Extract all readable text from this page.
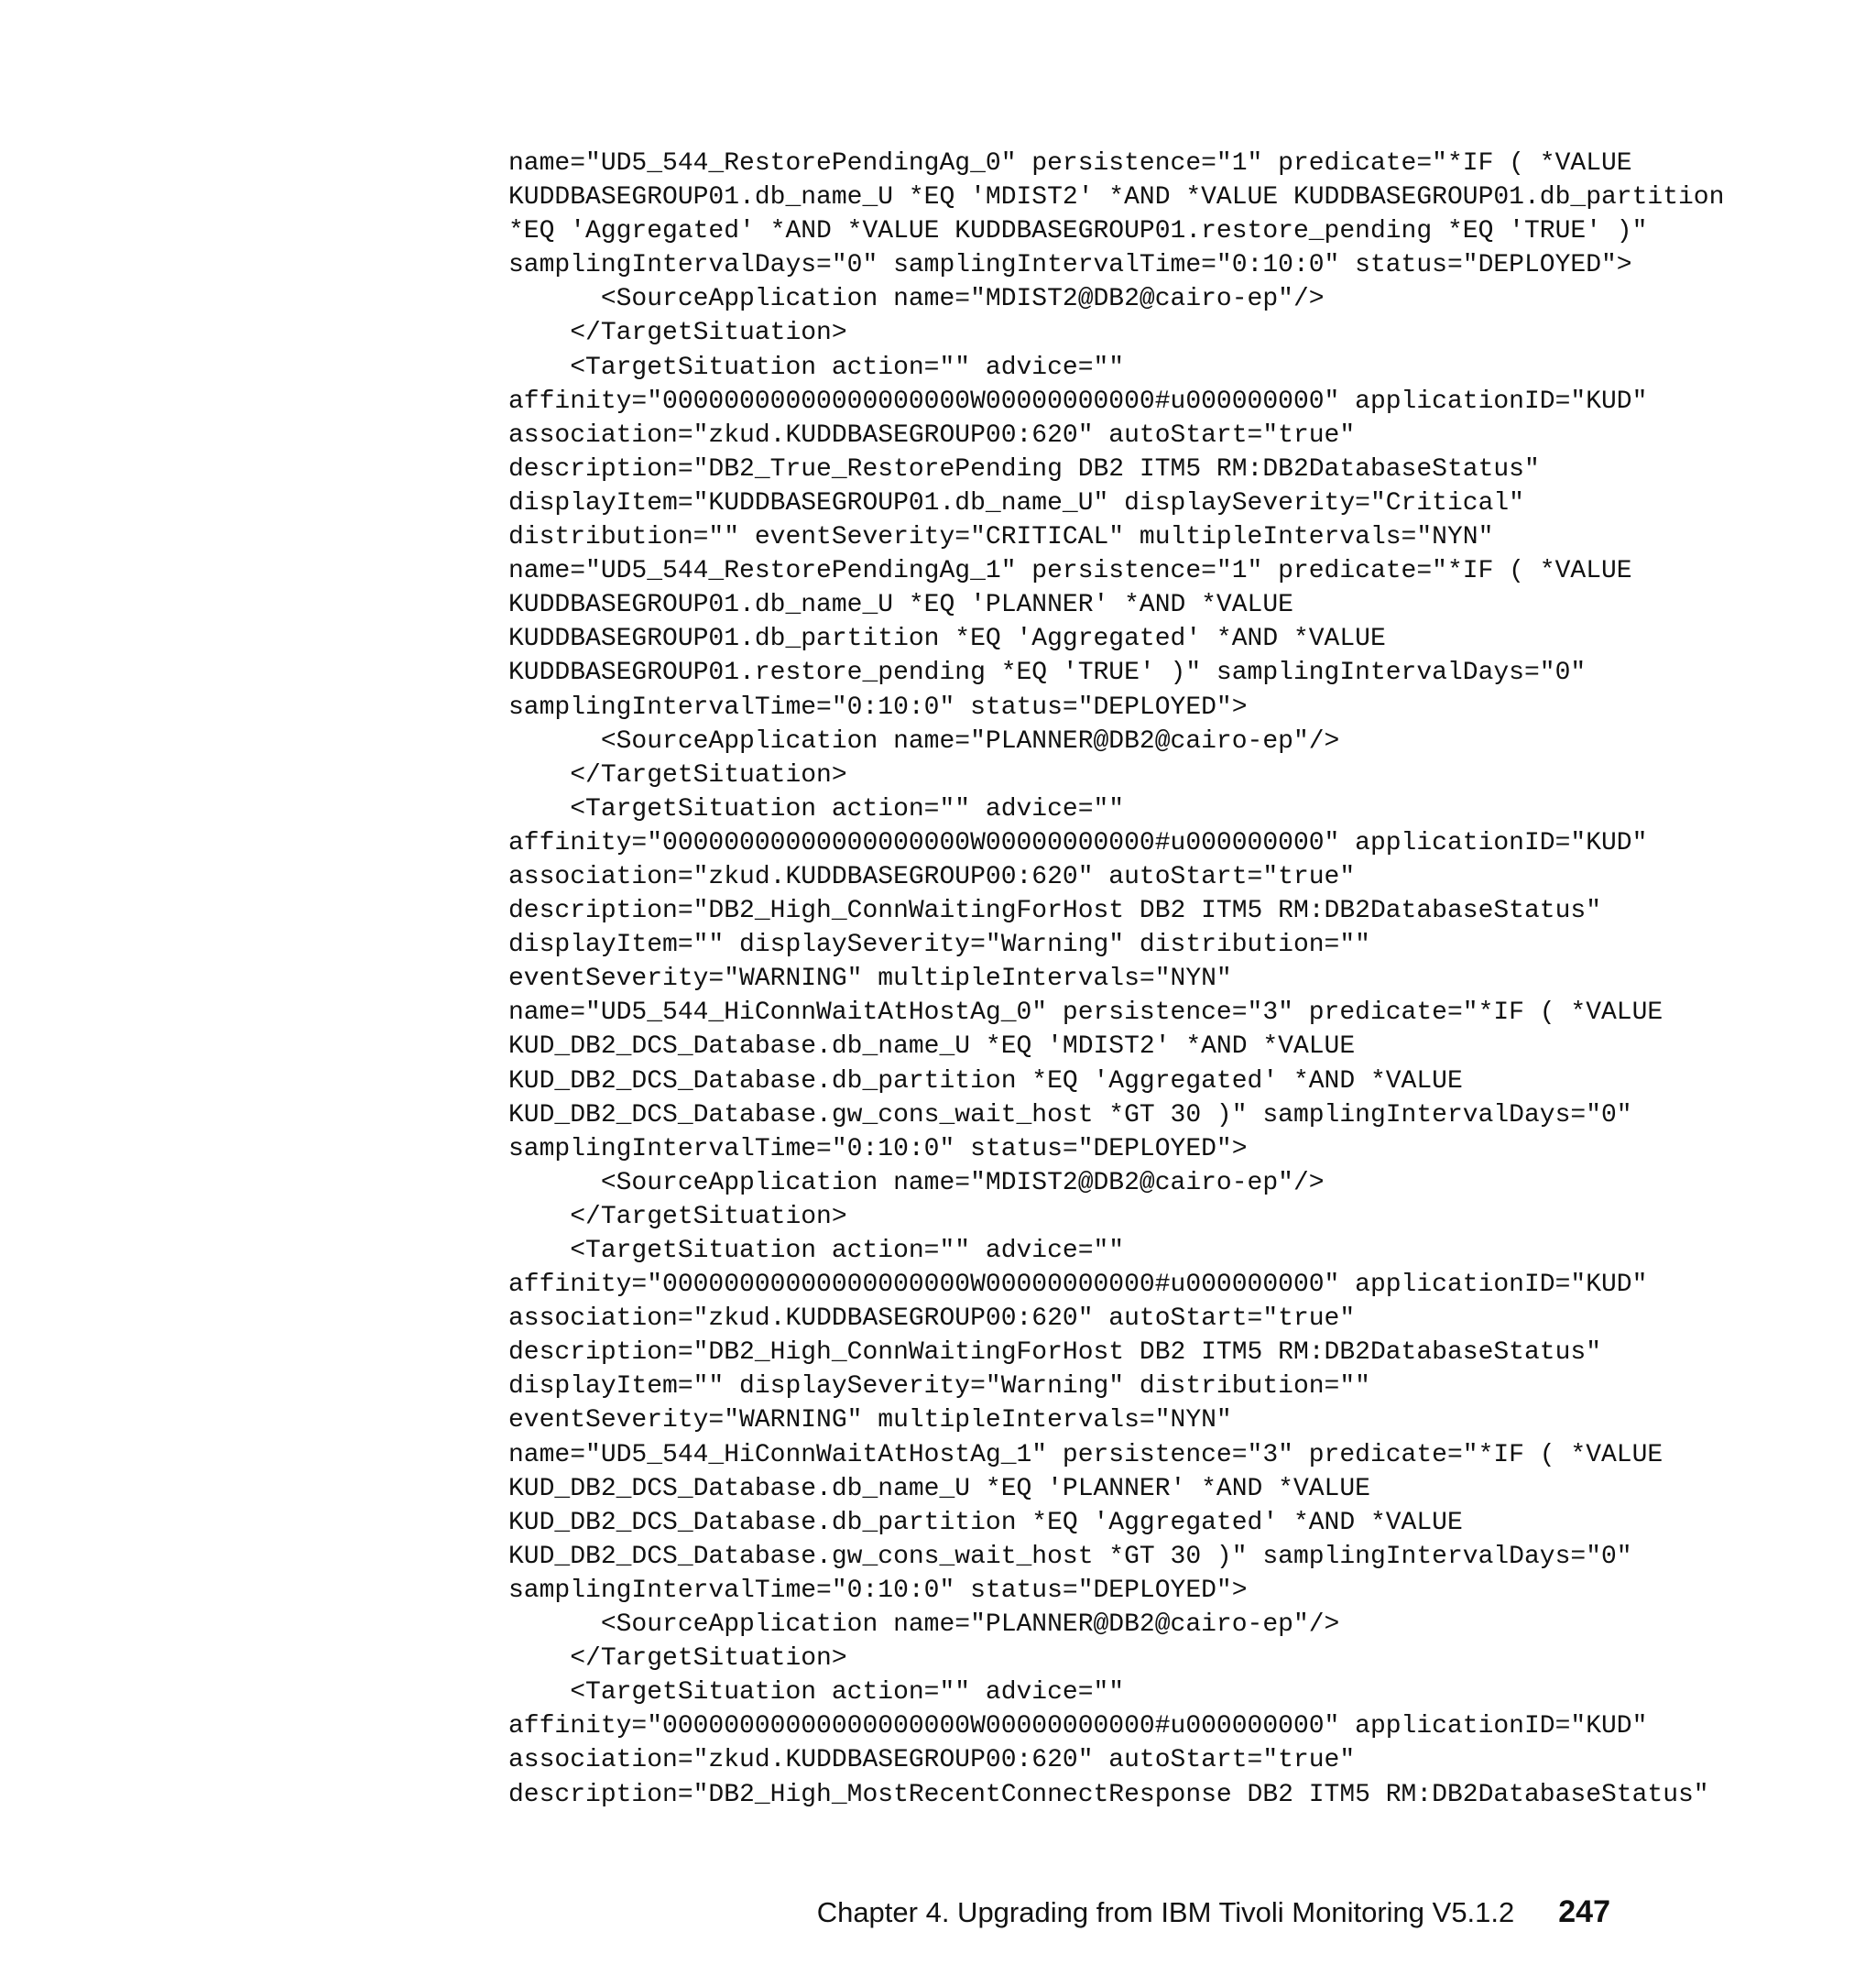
name="UD5_544_RestorePendingAg_0" persistence="1" predicate="*IF ( *VALUE
KUDDBASEGROUP01.db_name_U *EQ 'MDIST2' *AND *VALUE KUDDBASEGROUP01.db_partition
*EQ 'Aggregated' *AND *VALUE KUDDBASEGROUP01.restore_pending *EQ 'TRUE' )"
samplingIntervalDays="0" samplingIntervalTime="0:10:0" status="DEPLOYED">
<SourceApplication name="MDIST2@DB2@cairo-ep"/>
</TargetSituation>
<TargetSituation action="" advice=""
affinity="00000000000000000000W00000000000#u000000000" applicationID="KUD"
association="zkud.KUDDBASEGROUP00:620" autoStart="true"
description="DB2_True_RestorePending DB2 ITM5 RM:DB2DatabaseStatus"
displayItem="KUDDBASEGROUP01.db_name_U" displaySeverity="Critical"
distribution="" eventSeverity="CRITICAL" multipleIntervals="NYN"
name="UD5_544_RestorePendingAg_1" persistence="1" predicate="*IF ( *VALUE
KUDDBASEGROUP01.db_name_U *EQ 'PLANNER' *AND *VALUE
KUDDBASEGROUP01.db_partition *EQ 'Aggregated' *AND *VALUE
KUDDBASEGROUP01.restore_pending *EQ 'TRUE' )" samplingIntervalDays="0"
samplingIntervalTime="0:10:0" status="DEPLOYED">
<SourceApplication name="PLANNER@DB2@cairo-ep"/>
</TargetSituation>
<TargetSituation action="" advice=""
affinity="00000000000000000000W00000000000#u000000000" applicationID="KUD"
association="zkud.KUDDBASEGROUP00:620" autoStart="true"
description="DB2_High_ConnWaitingForHost DB2 ITM5 RM:DB2DatabaseStatus"
displayItem="" displaySeverity="Warning" distribution=""
eventSeverity="WARNING" multipleIntervals="NYN"
name="UD5_544_HiConnWaitAtHostAg_0" persistence="3" predicate="*IF ( *VALUE
KUD_DB2_DCS_Database.db_name_U *EQ 'MDIST2' *AND *VALUE
KUD_DB2_DCS_Database.db_partition *EQ 'Aggregated' *AND *VALUE
KUD_DB2_DCS_Database.gw_cons_wait_host *GT 30 )" samplingIntervalDays="0"
samplingIntervalTime="0:10:0" status="DEPLOYED">
<SourceApplication name="MDIST2@DB2@cairo-ep"/>
</TargetSituation>
<TargetSituation action="" advice=""
affinity="00000000000000000000W00000000000#u000000000" applicationID="KUD"
association="zkud.KUDDBASEGROUP00:620" autoStart="true"
description="DB2_High_ConnWaitingForHost DB2 ITM5 RM:DB2DatabaseStatus"
displayItem="" displaySeverity="Warning" distribution=""
eventSeverity="WARNING" multipleIntervals="NYN"
name="UD5_544_HiConnWaitAtHostAg_1" persistence="3" predicate="*IF ( *VALUE
KUD_DB2_DCS_Database.db_name_U *EQ 'PLANNER' *AND *VALUE
KUD_DB2_DCS_Database.db_partition *EQ 'Aggregated' *AND *VALUE
KUD_DB2_DCS_Database.gw_cons_wait_host *GT 30 )" samplingIntervalDays="0"
samplingIntervalTime="0:10:0" status="DEPLOYED">
<SourceApplication name="PLANNER@DB2@cairo-ep"/>
</TargetSituation>
<TargetSituation action="" advice=""
affinity="00000000000000000000W00000000000#u000000000" applicationID="KUD"
association="zkud.KUDDBASEGROUP00:620" autoStart="true"
description="DB2_High_MostRecentConnectResponse DB2 ITM5 RM:DB2DatabaseStatus"
Chapter 4. Upgrading from IBM Tivoli Monitoring V5.1.2 247
